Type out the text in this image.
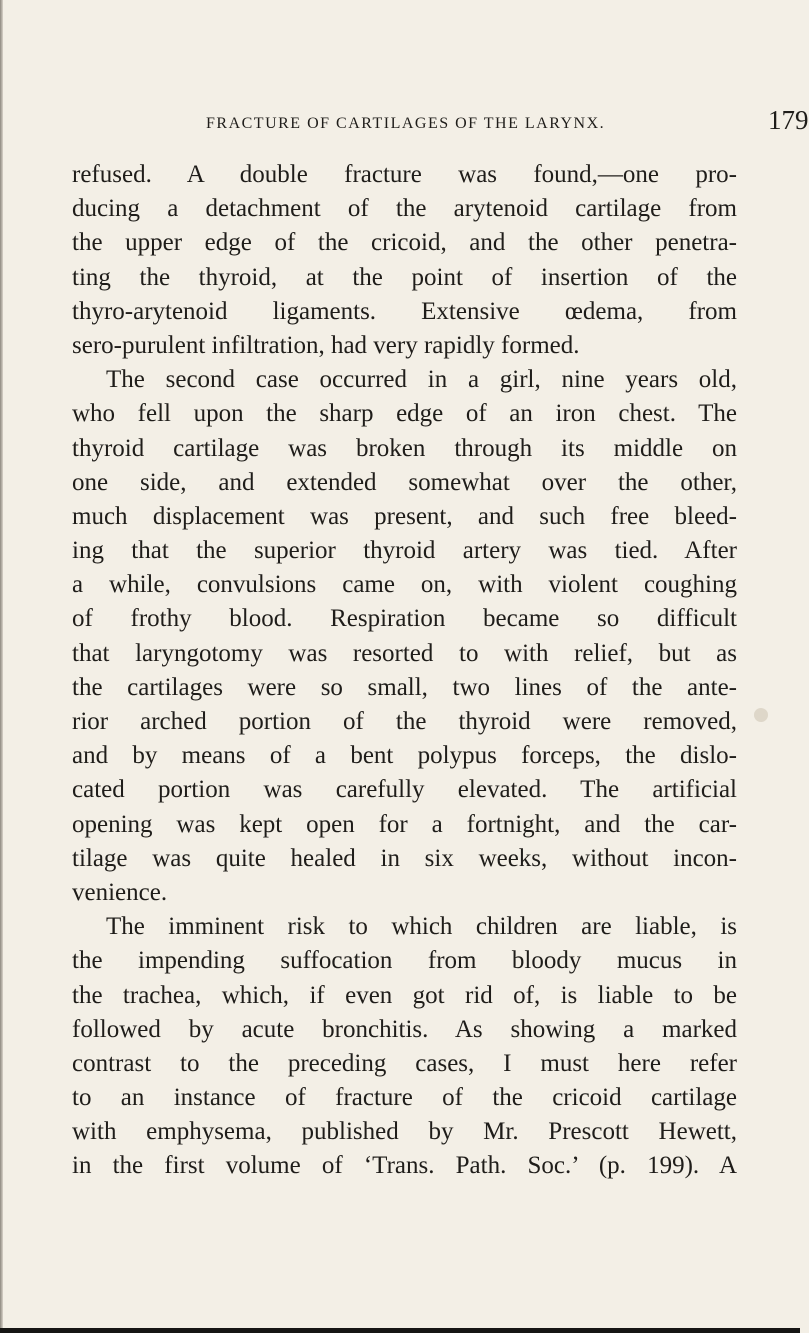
FRACTURE OF CARTILAGES OF THE LARYNX.	179
refused. A double fracture was found,—one pro-
ducing a detachment of the arytenoid cartilage from
the upper edge of the cricoid, and the other penetra-
ting the thyroid, at the point of insertion of the
thyro-arytenoid ligaments. Extensive œdema, from
sero-purulent infiltration, had very rapidly formed.
The second case occurred in a girl, nine years old,
who fell upon the sharp edge of an iron chest. The
thyroid cartilage was broken through its middle on
one side, and extended somewhat over the other,
much displacement was present, and such free bleed-
ing that the superior thyroid artery was tied. After
a while, convulsions came on, with violent coughing
of frothy blood. Respiration became so difficult
that laryngotomy was resorted to with relief, but as
the cartilages were so small, two lines of the ante-
rior arched portion of the thyroid were removed,
and by means of a bent polypus forceps, the dislo-
cated portion was carefully elevated. The artificial
opening was kept open for a fortnight, and the car-
tilage was quite healed in six weeks, without incon-
venience.
The imminent risk to which children are liable, is
the impending suffocation from bloody mucus in
the trachea, which, if even got rid of, is liable to be
followed by acute bronchitis. As showing a marked
contrast to the preceding cases, I must here refer
to an instance of fracture of the cricoid cartilage
with emphysema, published by Mr. Prescott Hewett,
in the first volume of ‘Trans. Path. Soc.’ (p. 199). A
